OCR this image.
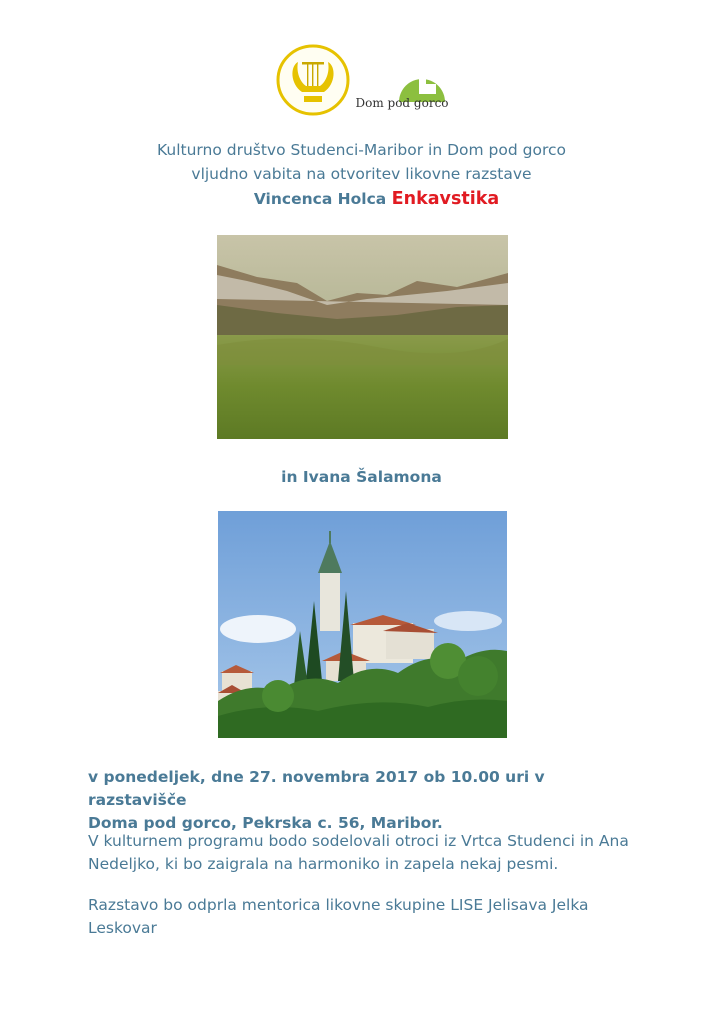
Dom pod gorco
Kulturno društvo Studenci-Maribor in Dom pod gorco
vljudno vabita na otvoritev likovne razstave
Vincenca Holca Enkavstika
in Ivana Šalamona
v ponedeljek, dne 27. novembra 2017 ob 10.00 uri v razstavišče
Doma pod gorco, Pekrska c. 56, Maribor.
V kulturnem programu bodo sodelovali otroci iz Vrtca Studenci in Ana
Nedeljko, ki bo zaigrala na harmoniko in zapela nekaj pesmi.
Razstavo bo odprla mentorica likovne skupine LISE Jelisava Jelka
Leskovar
